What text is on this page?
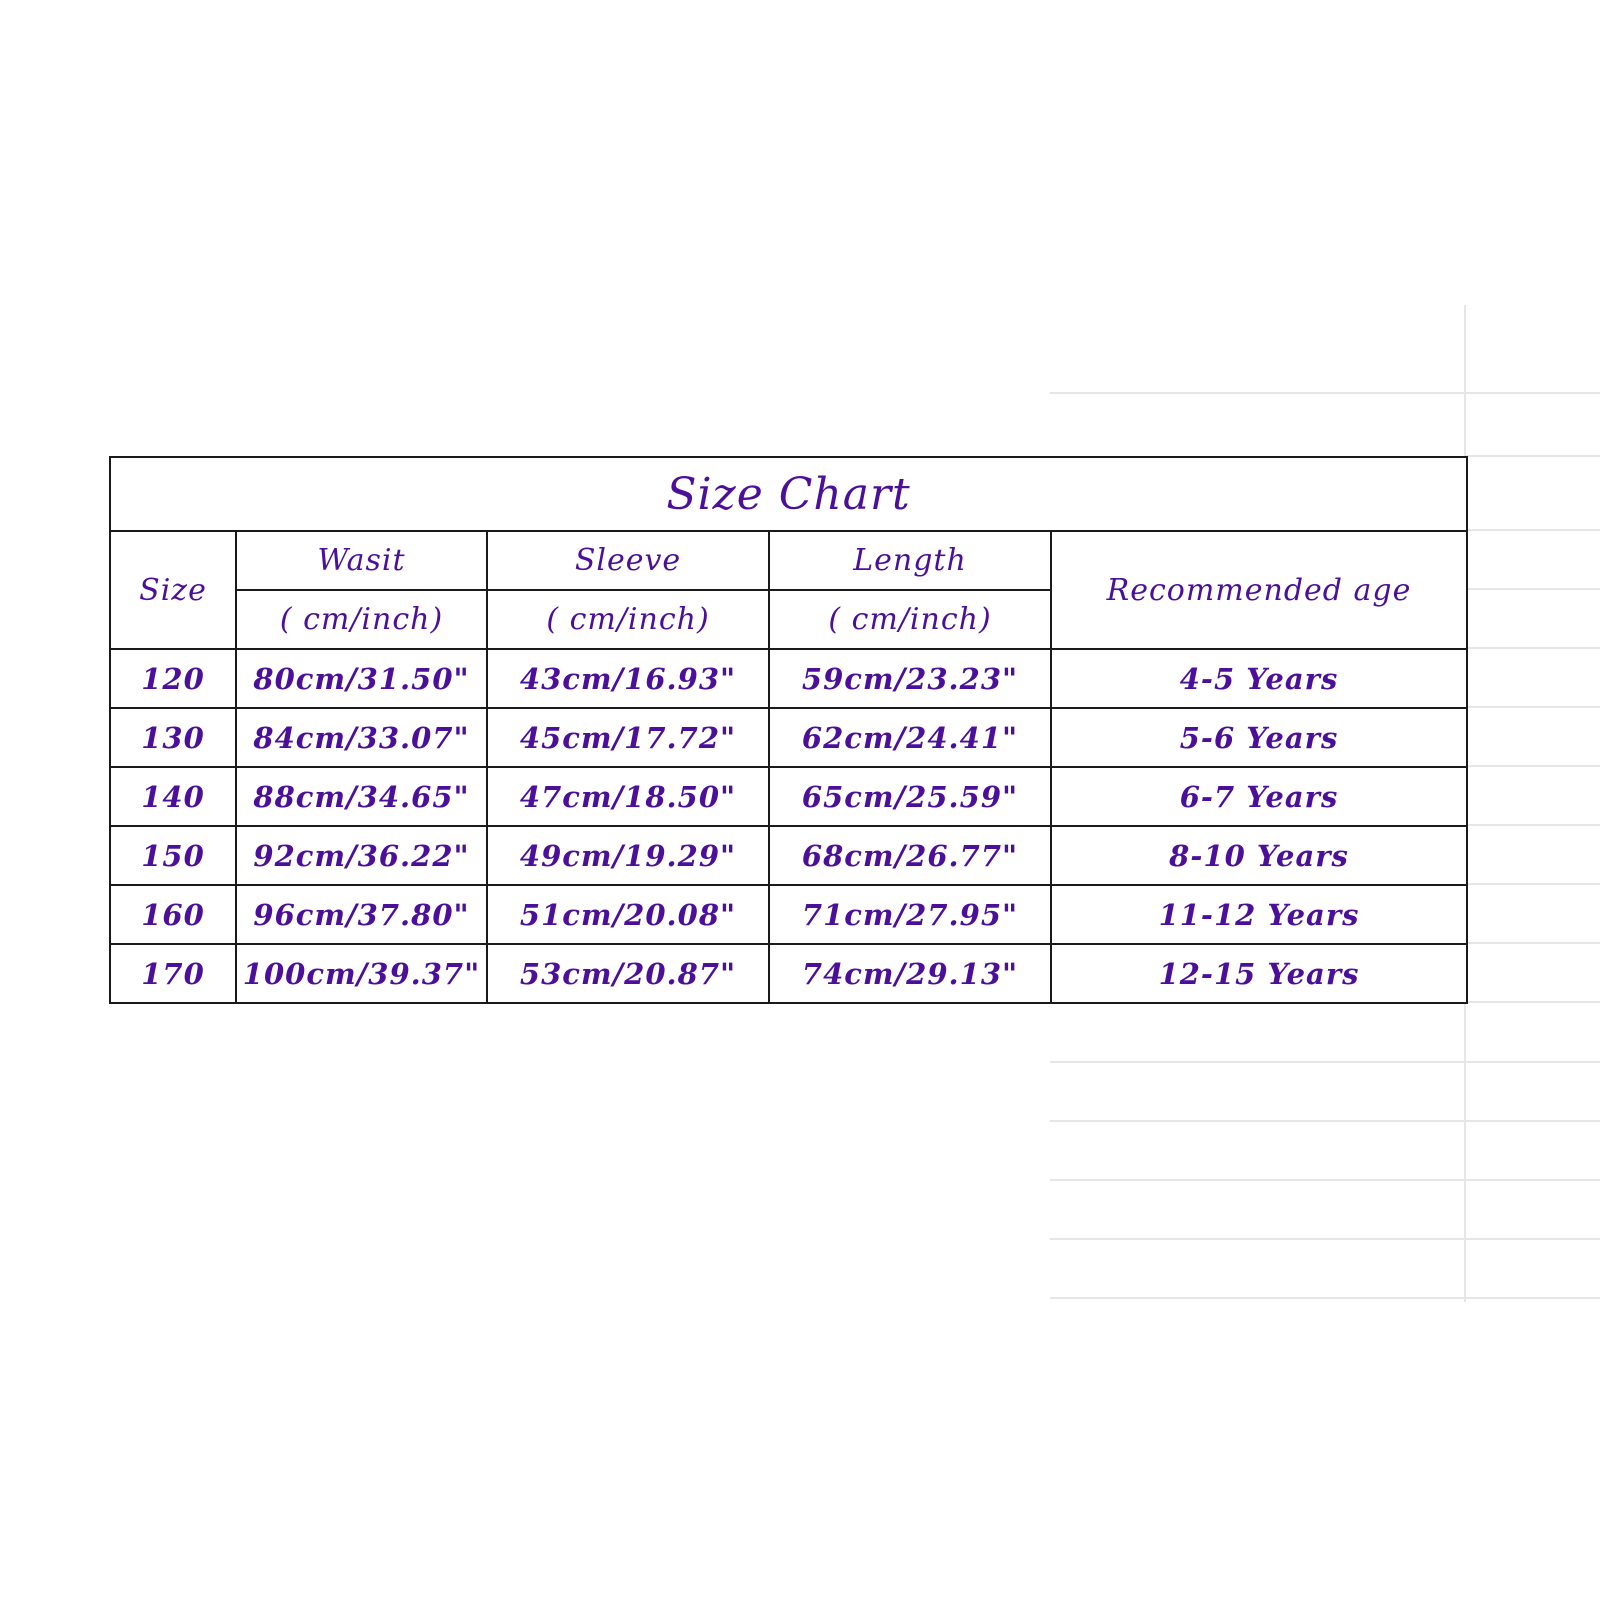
Size Chart				
Size	Wasit	Sleeve	Length	Recommended age
	( cm/inch)	( cm/inch)	( cm/inch)	
120	80cm/31.50"	43cm/16.93"	59cm/23.23"	4-5 Years
130	84cm/33.07"	45cm/17.72"	62cm/24.41"	5-6 Years
140	88cm/34.65"	47cm/18.50"	65cm/25.59"	6-7 Years
150	92cm/36.22"	49cm/19.29"	68cm/26.77"	8-10 Years
160	96cm/37.80"	51cm/20.08"	71cm/27.95"	11-12 Years
170	100cm/39.37"	53cm/20.87"	74cm/29.13"	12-15 Years
